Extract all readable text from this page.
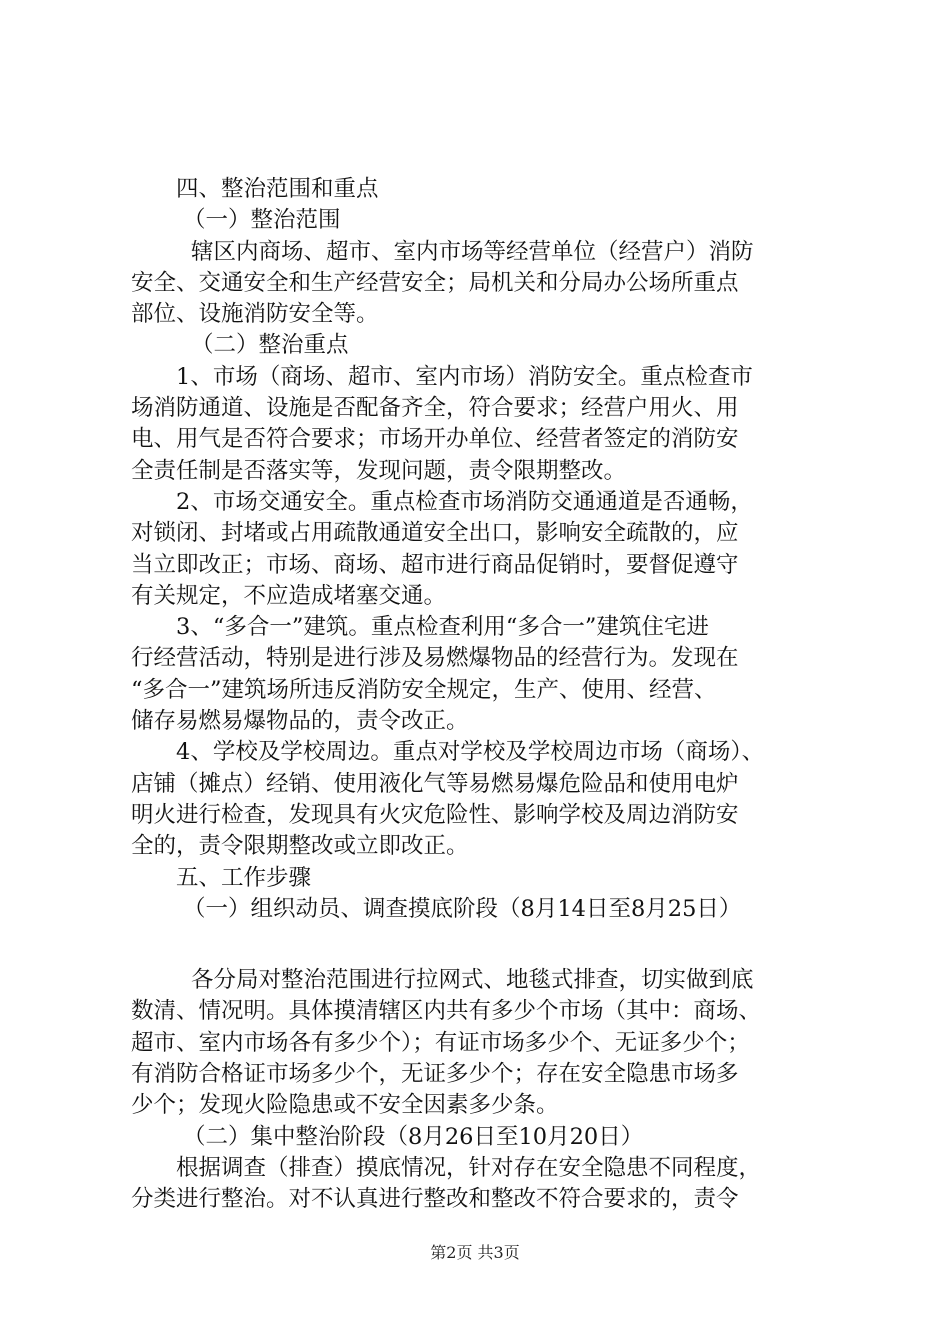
四、整治范围和重点
（一）整治范围
辖区内商场、超市、室内市场等经营单位（经营户）消防
安全、交通安全和生产经营安全；局机关和分局办公场所重点
部位、设施消防安全等。
（二）整治重点
1、市场（商场、超市、室内市场）消防安全。重点检查市
场消防通道、设施是否配备齐全，符合要求；经营户用火、用
电、用气是否符合要求；市场开办单位、经营者签定的消防安
全责任制是否落实等，发现问题，责令限期整改。
2、市场交通安全。重点检查市场消防交通通道是否通畅，
对锁闭、封堵或占用疏散通道安全出口，影响安全疏散的，应
当立即改正；市场、商场、超市进行商品促销时，要督促遵守
有关规定，不应造成堵塞交通。
3、“多合一”建筑。重点检查利用“多合一”建筑住宅进
行经营活动，特别是进行涉及易燃爆物品的经营行为。发现在
“多合一”建筑场所违反消防安全规定，生产、使用、经营、
储存易燃易爆物品的，责令改正。
4、学校及学校周边。重点对学校及学校周边市场（商场）、
店铺（摊点）经销、使用液化气等易燃易爆危险品和使用电炉
明火进行检查，发现具有火灾危险性、影响学校及周边消防安
全的，责令限期整改或立即改正。
五、工作步骤
（一）组织动员、调查摸底阶段（8月14日至8月25日）
各分局对整治范围进行拉网式、地毯式排查，切实做到底
数清、情况明。具体摸清辖区内共有多少个市场（其中：商场、
超市、室内市场各有多少个）；有证市场多少个、无证多少个；
有消防合格证市场多少个，无证多少个；存在安全隐患市场多
少个；发现火险隐患或不安全因素多少条。
（二）集中整治阶段（8月26日至10月20日）
根据调查（排查）摸底情况，针对存在安全隐患不同程度，
分类进行整治。对不认真进行整改和整改不符合要求的，责令
第2页 共3页
